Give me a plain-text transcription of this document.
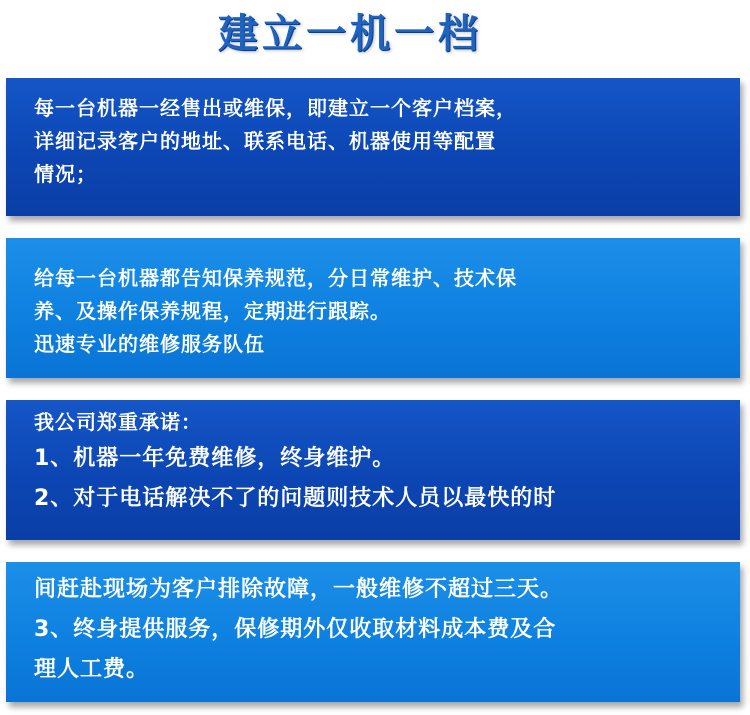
建立一机一档
每一台机器一经售出或维保，即建立一个客户档案，
详细记录客户的地址、联系电话、机器使用等配置
情况；
给每一台机器都告知保养规范，分日常维护、技术保
养、及操作保养规程，定期进行跟踪。
迅速专业的维修服务队伍
我公司郑重承诺：
1、机器一年免费维修，终身维护。
2、对于电话解决不了的问题则技术人员以最快的时
间赶赴现场为客户排除故障，一般维修不超过三天。
3、终身提供服务，保修期外仅收取材料成本费及合
理人工费。
